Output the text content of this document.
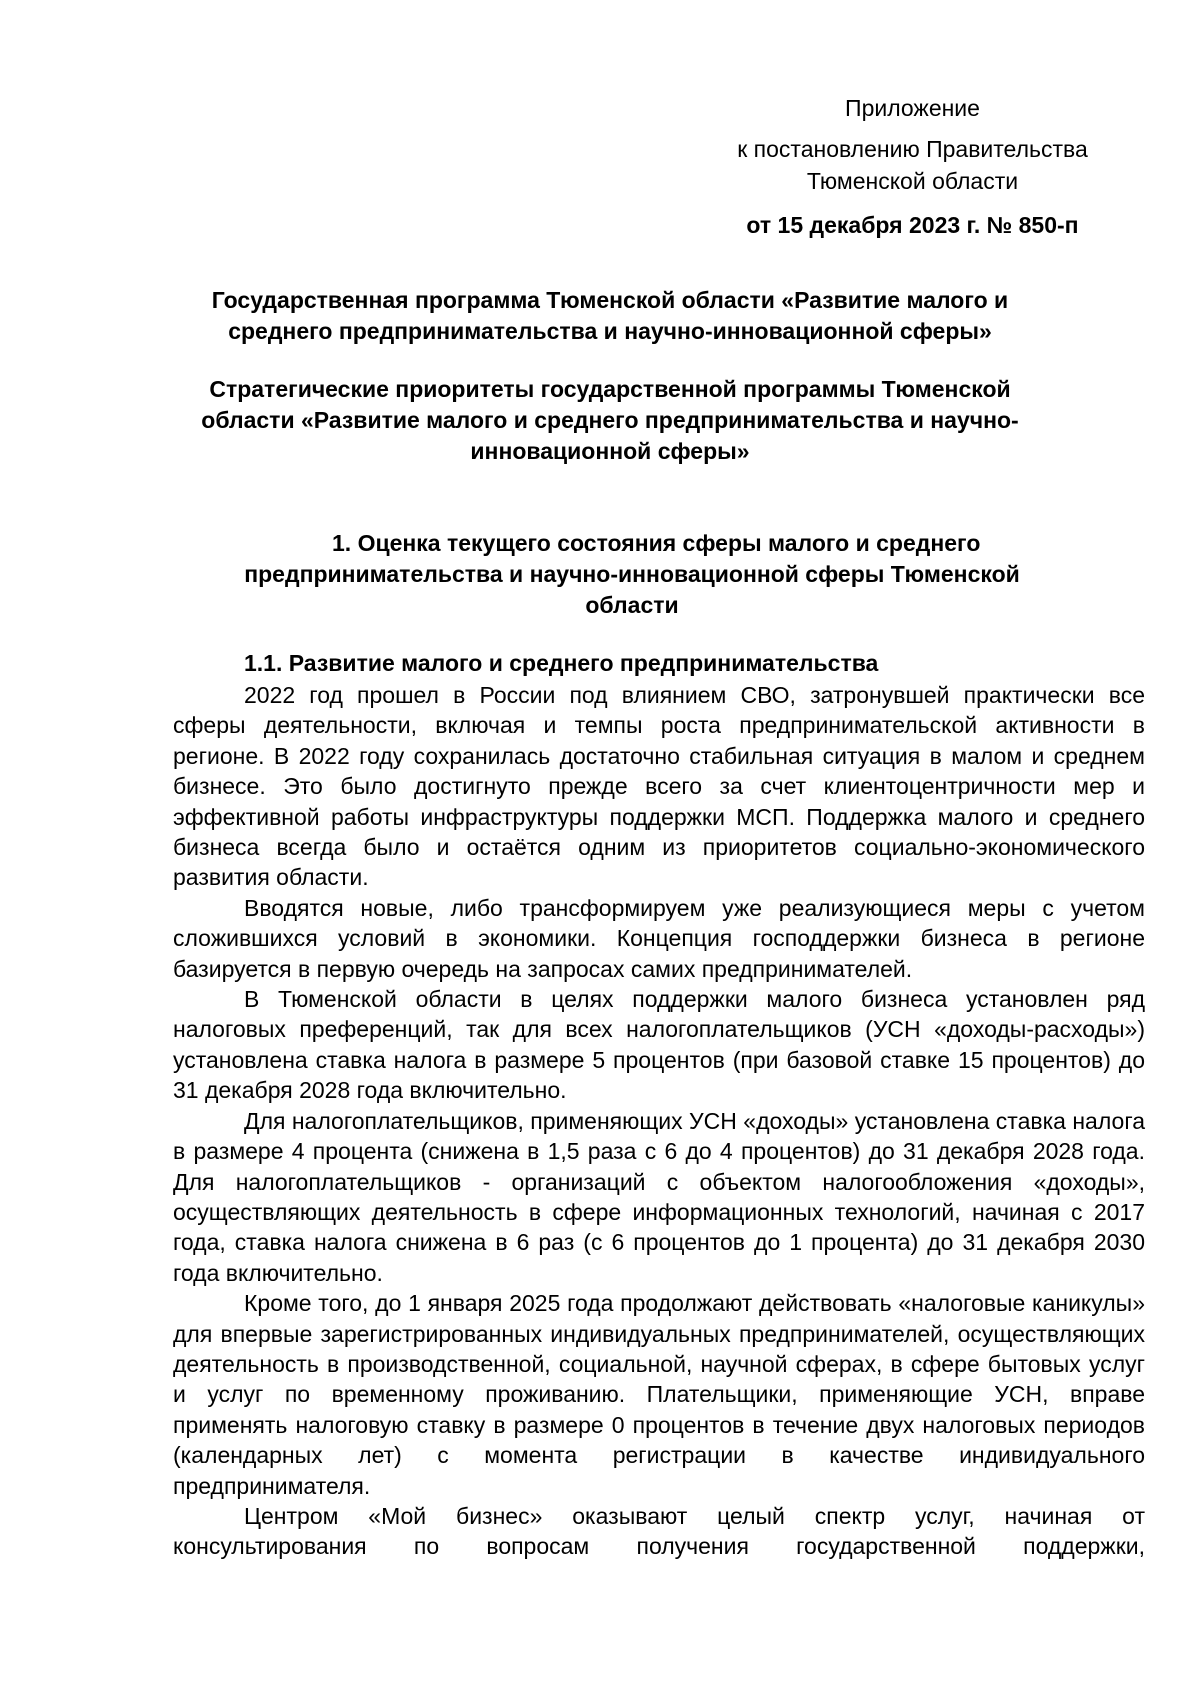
Приложение

к постановлению Правительства Тюменской области

от 15 декабря 2023 г. № 850-п

Государственная программа Тюменской области «Развитие малого и среднего предпринимательства и научно-инновационной сферы»

Стратегические приоритеты государственной программы Тюменской области «Развитие малого и среднего предпринимательства и научно-инновационной сферы»

1. Оценка текущего состояния сферы малого и среднего

предпринимательства и научно-инновационной сферы Тюменской области

1.1. Развитие малого и среднего предпринимательства

2022 год прошел в России под влиянием СВО, затронувшей практически все сферы деятельности, включая и темпы роста предпринимательской активности в регионе. В 2022 году сохранилась достаточно стабильная ситуация в малом и среднем бизнесе. Это было достигнуто прежде всего за счет клиентоцентричности мер и эффективной работы инфраструктуры поддержки МСП. Поддержка малого и среднего бизнеса всегда было и остаётся одним из приоритетов социально-экономического развития области.

Вводятся новые, либо трансформируем уже реализующиеся меры с учетом сложившихся условий в экономики. Концепция господдержки бизнеса в регионе базируется в первую очередь на запросах самих предпринимателей.

В Тюменской области в целях поддержки малого бизнеса установлен ряд налоговых преференций, так для всех налогоплательщиков (УСН «доходы-расходы») установлена ставка налога в размере 5 процентов (при базовой ставке 15 процентов) до 31 декабря 2028 года включительно.

Для налогоплательщиков, применяющих УСН «доходы» установлена ставка налога в размере 4 процента (снижена в 1,5 раза с 6 до 4 процентов) до 31 декабря 2028 года. Для налогоплательщиков - организаций с объектом налогообложения «доходы», осуществляющих деятельность в сфере информационных технологий, начиная с 2017 года, ставка налога снижена в 6 раз (с 6 процентов до 1 процента) до 31 декабря 2030 года включительно.

Кроме того, до 1 января 2025 года продолжают действовать «налоговые каникулы» для впервые зарегистрированных индивидуальных предпринимателей, осуществляющих деятельность в производственной, социальной, научной сферах, в сфере бытовых услуг и услуг по временному проживанию. Плательщики, применяющие УСН, вправе применять налоговую ставку в размере 0 процентов в течение двух налоговых периодов (календарных лет) с момента регистрации в качестве индивидуального предпринимателя.

Центром «Мой бизнес» оказывают целый спектр услуг, начиная от консультирования по вопросам получения государственной поддержки,
